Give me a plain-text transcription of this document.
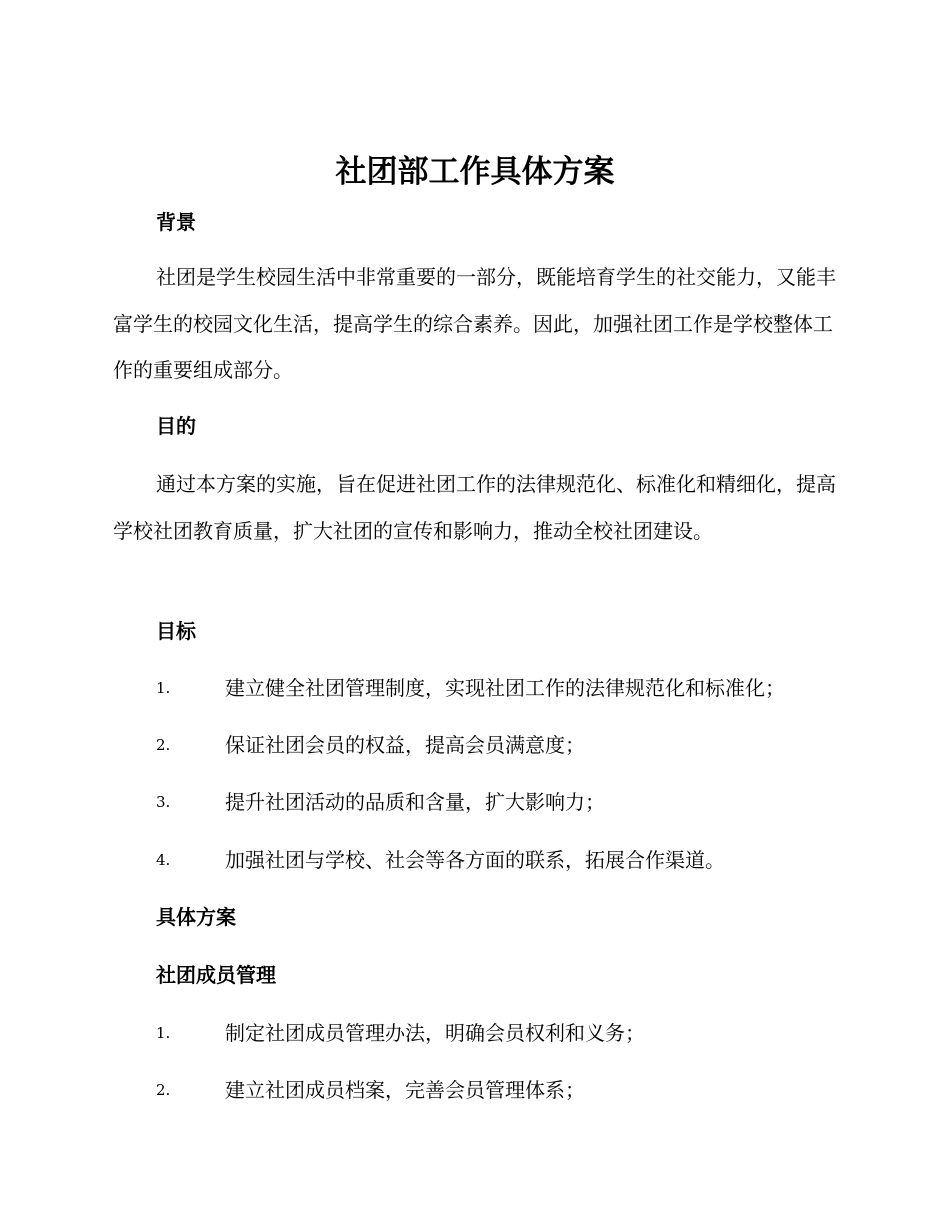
社团部工作具体方案
背景

社团是学生校园生活中非常重要的一部分，既能培育学生的社交能力，又能丰富学生的校园文化生活，提高学生的综合素养。因此，加强社团工作是学校整体工作的重要组成部分。

目的

通过本方案的实施，旨在促进社团工作的法律规范化、标准化和精细化，提高学校社团教育质量，扩大社团的宣传和影响力，推动全校社团建设。

目标
1.	建立健全社团管理制度，实现社团工作的法律规范化和标准化；
2.	保证社团会员的权益，提高会员满意度；
3.	提升社团活动的品质和含量，扩大影响力；
4.	加强社团与学校、社会等各方面的联系，拓展合作渠道。
具体方案
社团成员管理
1.	制定社团成员管理办法，明确会员权利和义务；
2.	建立社团成员档案，完善会员管理体系；
